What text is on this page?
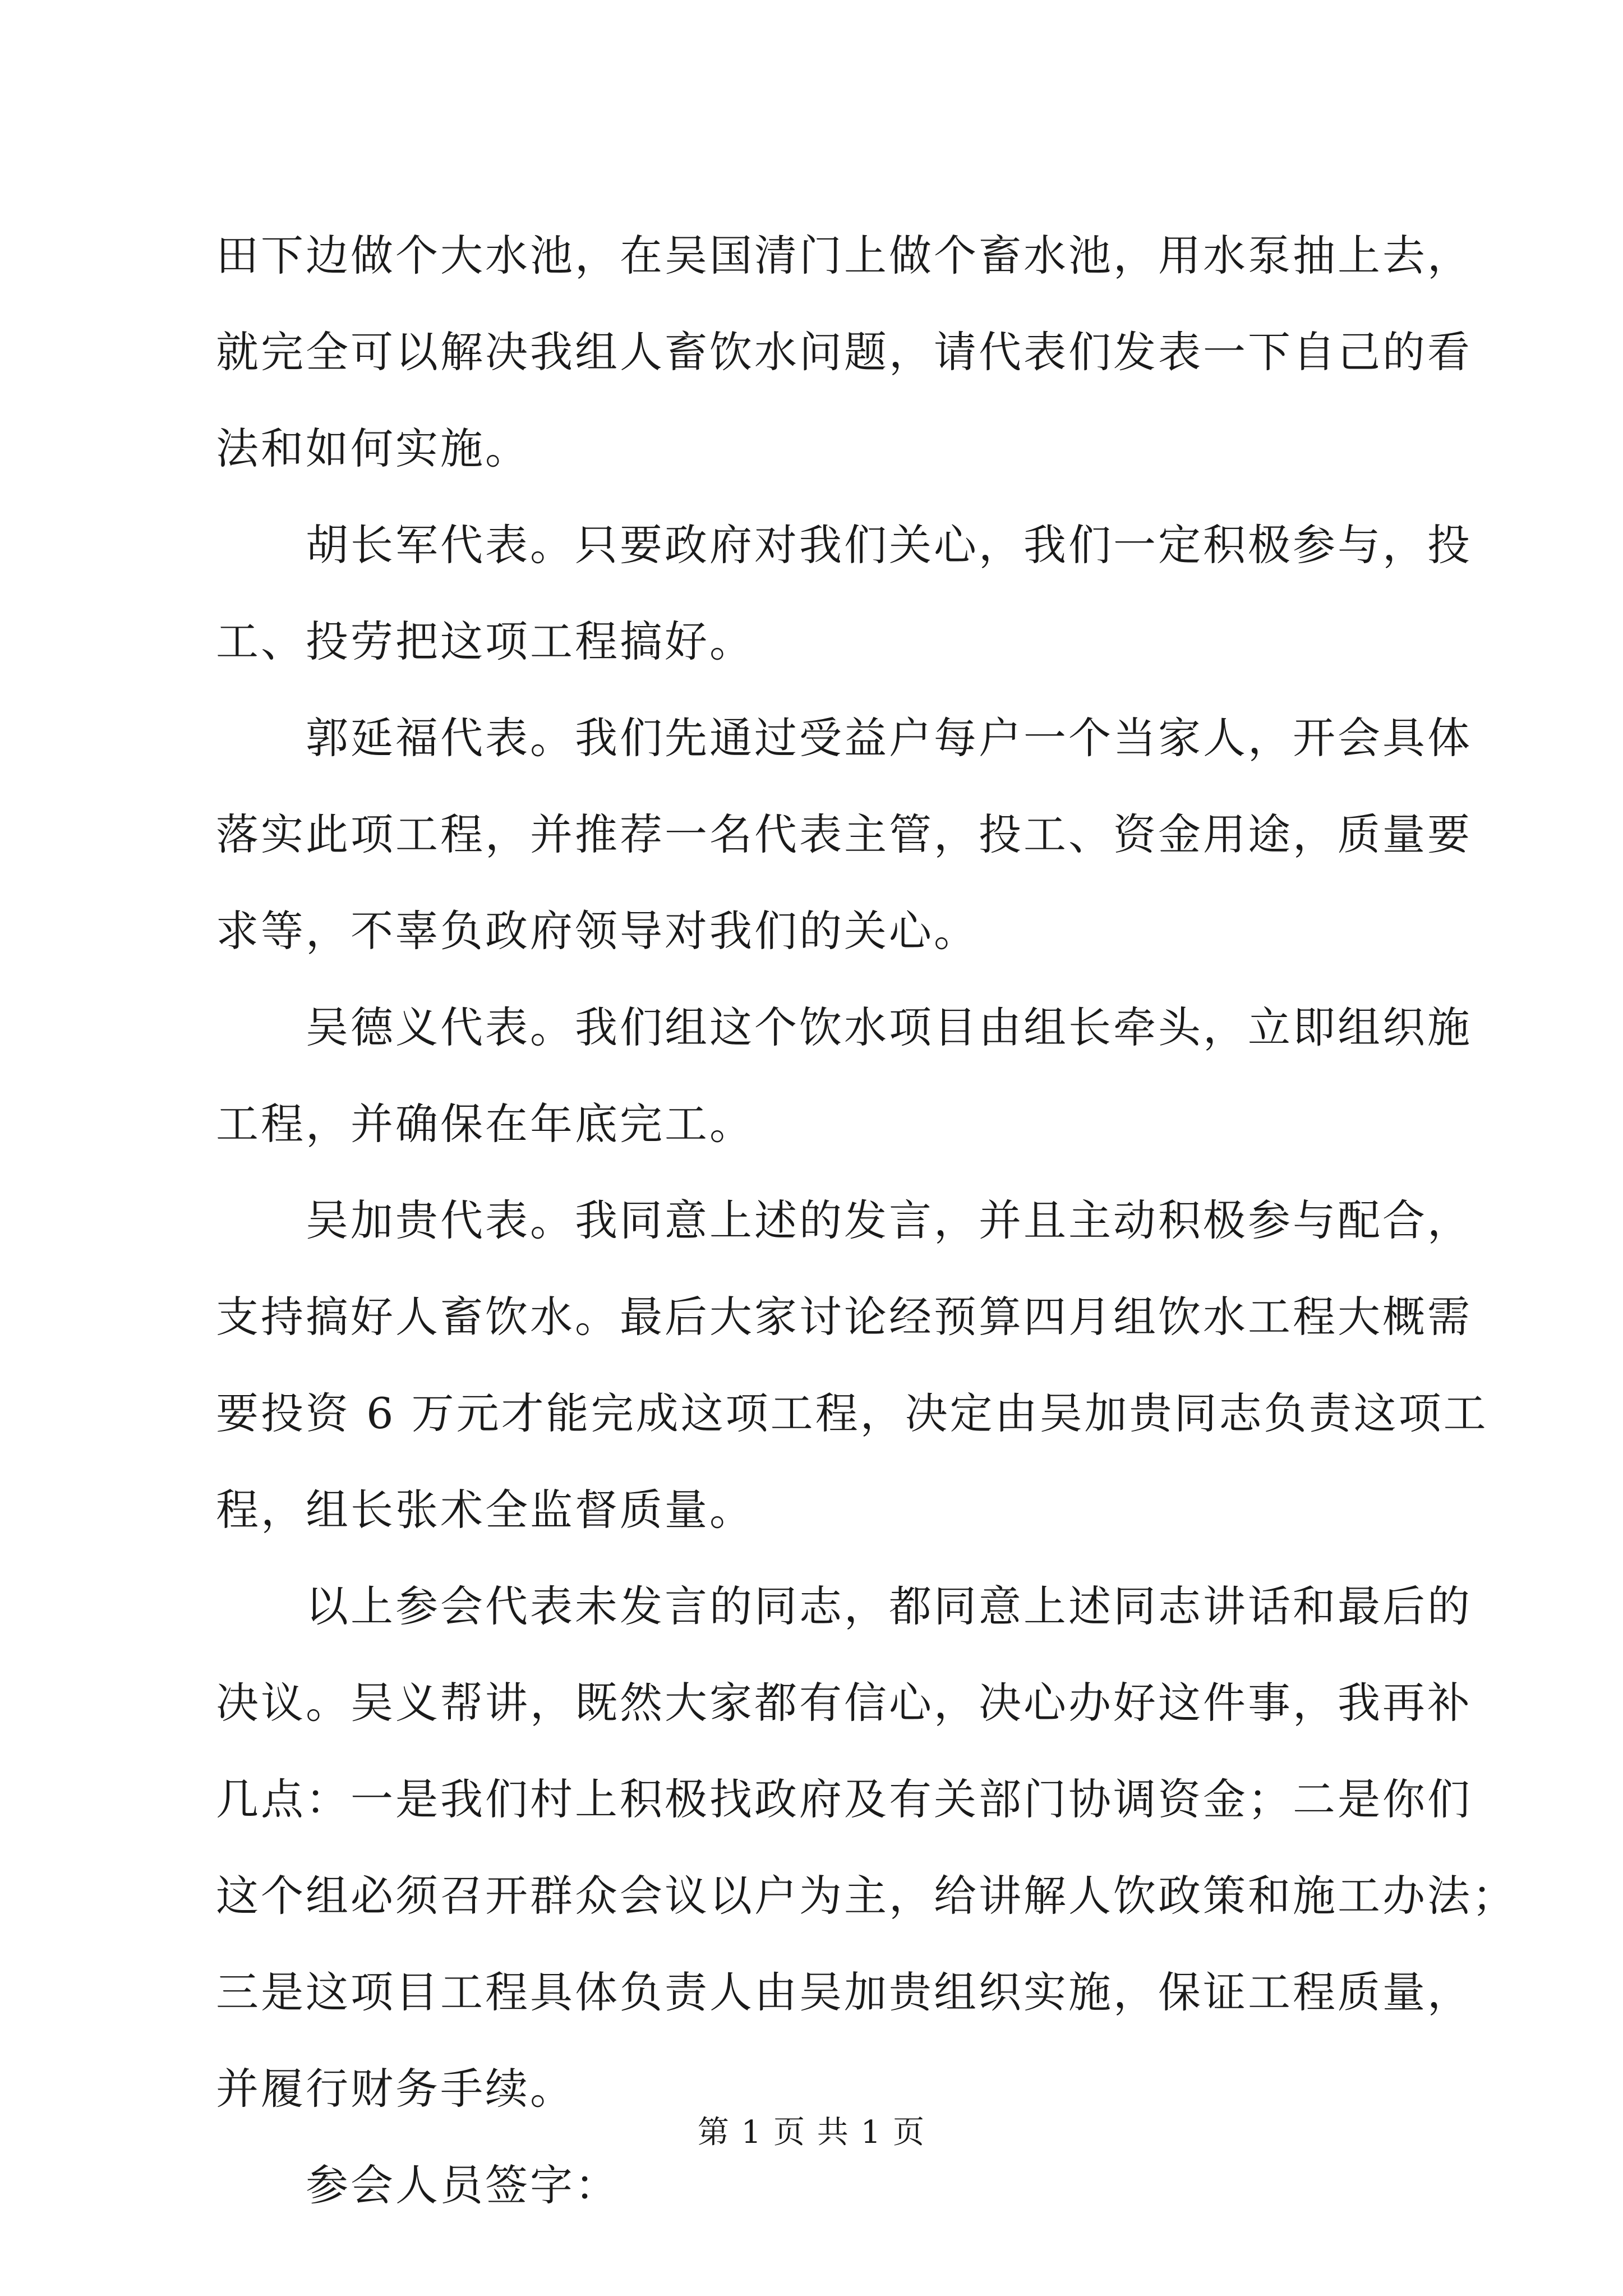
田下边做个大水池，在吴国清门上做个畜水池，用水泵抽上去，
就完全可以解决我组人畜饮水问题，请代表们发表一下自己的看
法和如何实施。

胡长军代表。只要政府对我们关心，我们一定积极参与，投
工、投劳把这项工程搞好。

郭延福代表。我们先通过受益户每户一个当家人，开会具体
落实此项工程，并推荐一名代表主管，投工、资金用途，质量要
求等，不辜负政府领导对我们的关心。

吴德义代表。我们组这个饮水项目由组长牵头，立即组织施
工程，并确保在年底完工。

吴加贵代表。我同意上述的发言，并且主动积极参与配合，
支持搞好人畜饮水。最后大家讨论经预算四月组饮水工程大概需
要投资 6 万元才能完成这项工程，决定由吴加贵同志负责这项工
程，组长张术全监督质量。

以上参会代表未发言的同志，都同意上述同志讲话和最后的
决议。吴义帮讲，既然大家都有信心，决心办好这件事，我再补
几点：一是我们村上积极找政府及有关部门协调资金；二是你们
这个组必须召开群众会议以户为主，给讲解人饮政策和施工办法；
三是这项目工程具体负责人由吴加贵组织实施，保证工程质量，
并履行财务手续。

参会人员签字：

第 1 页 共 1 页
